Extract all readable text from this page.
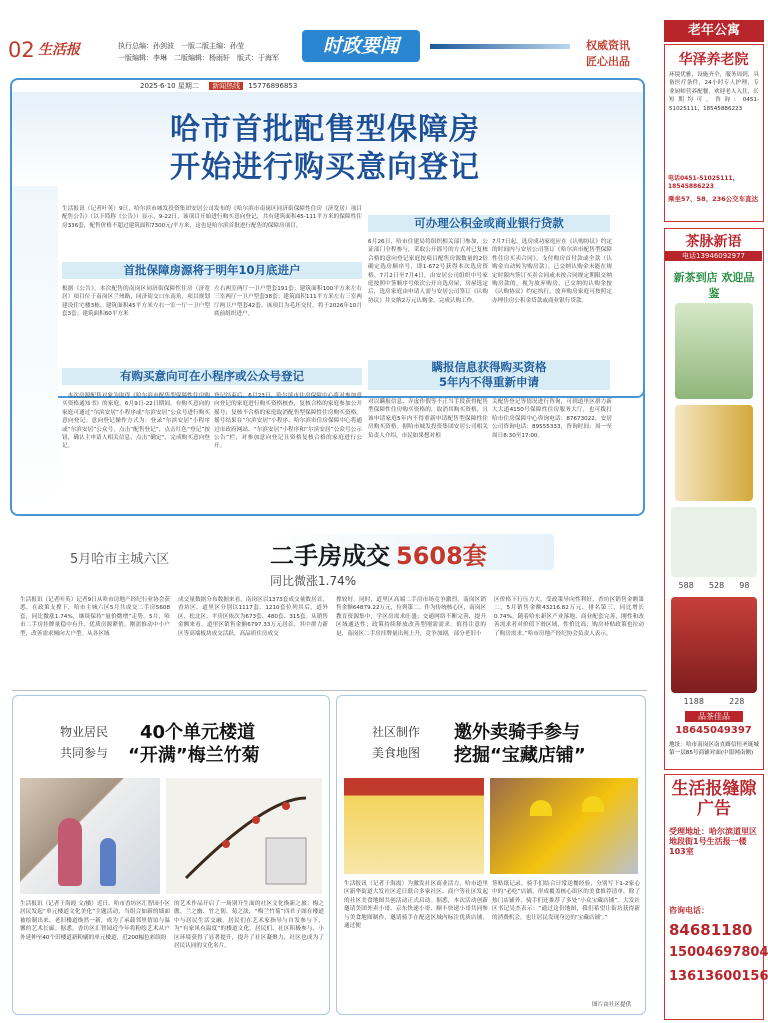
02 生活报	执行总编：孙剑波　一版二版主编：孙莹
一版编辑：李琳　二版编辑：杨雨轩　版式：于海军
时政要闻	权威资讯
匠心出品
2025·6·10 星期二 新闻热线 15776896853
哈市首批配售型保障房
开始进行购买意向登记
生活报讯（记者叶英）9日，哈尔滨市城发投资集团安居公司发布的《哈尔滨市南岗区同济街保障性住房（济宽居）项目配售公告》（以下简称《公告》）显示，9-22日，该项目开始进行购买意向登记，共有建筑面积45-111平方米的保障性住房336套，配售价格不超过建筑面积7300元/平方米，这也是哈尔滨首批进行配售的保障房项目。
首批保障房源将于明年10月底进户
根据《公告》，本次配售的南岗区同济街保障性住房（济宽居）项目位于南岗区兰州路，同济街交口东南角，项目规划建设住宅楼3栋，建筑面积45平方米左右一室一厅一卫户型套3套；建筑面积60平方米
左右两室两厅一卫户型套191套；建筑面积100平方米左右三室两厅一卫户型套38套；建筑面积111平方米左右三室两厅两卫户型套42套。该项目为毛坯交付，将于2026年10月底前组织进户。
有购买意向可在小程序或公众号登记
本次房源配售对象为取得《哈尔滨市配售型保障性住房购买资格通知书》的家庭。6月9日-22日期间，有购买意向的家庭可通过“尔滨安居”小程序或“尔滨安居”公众号进行购买意向登记。意向登记操作方式为：登录“尔滨安居”小程序或“尔滨安居”公众号，点击“配售登记”，点击红色“登记”按钮，确认主申请人相关信息，点击“确定”，完成购买意向登记。
登记结束后，6月23日，哈尔滨市住房保障中心将对参加意向登记的家庭进行购买资格核查，复核合格的家庭参加公开摇号；复核不合格的家庭取消配售型保障性住房购买资格。摇号结果在“尔滨安居”小程序、哈尔滨市住房保障中心将通过市政府网站、“尔滨安居”小程序和“尔滨安居”公众号公示公告”栏，对参加意向登记且资格复核合格的家庭进行公开。
可办理公积金或商业银行贷款
6月26日，哈市住建局将组织相关部门参加，公证部门全程参与，采取公开摇号的方式对已复核合格的意向登记家庭按项目配售房源数量的2倍确定选房顺序号，即1-672号获得本次选房资格。7月2日至7月4日，由安居公司组织中号家庭按照中签顺序号依次公开自选房屋，房屋选定后，选房家庭由申请人需与安居公司签订《认购协议》并交纳2万元认购金，完成认购工作。
7月7日起，选房成功家庭应在《认购协议》约定的时间内与安居公司签订《哈尔滨市配售型保障性住房买卖合同》，支付购房首付款或全款（认购金自动转为购房款）。已交纳认购金未能在规定时限内签订买卖合同或未按合同规定期限交纳购房款的，视为放弃购房，已交纳的认购金按《认购协议》约定执行。放弃购房家庭可按照定办理住房公积金贷款或商业银行贷款。
瞒报信息获得购买资格
5年内不得重新申请
对以瞒报信息、弄虚作假等不正当手段获得配售型保障性住房购买资格的，取消其购买资格，且该申请家庭5年内不得重新申请配售型保障性住房购买资格。据哈市城发投资集团安居公司相关负责人介绍，市民如果想对相
关配售登记等情况进行咨询，可到道里区群力新大大道4150号保障性住房服务大厅，也可拨打哈市住房保障中心咨询电话：87673022，安居公司咨询电话：89555333，咨询时间：周一至周日8:30至17:00。
5月哈市主城六区	二手房成交 5608套
同比微涨1.74%
生活报讯（记者叶英）记者9日从哈市房地产经纪行业协会获悉，在政策支撑下，哈市主城六区5月共成交二手房5608套，同比微涨1.74%，继续保持“量价微增”走势。5月，哈市二手房挂牌量稳中有升，优质房源紧俏，刚需推动中小户型，改善需求倾向大户型。从各区域
成交量数据分布数据来看，南岗区以1373套成交量数居首，香坊区、道里区分别以1117套、1210套位列其后，道外区、松北区、平房区依次为673套、480套、315套。从销售金额来看，道里区销售金额6797.33万元居首，其中群力新区等高端板块成交活跃，高品质住房成交
撑较好。同时，道里区高端二手房市场竞争激烈，南岗区销售金额64879.22万元，位列第二。作为传统核心区，南岗区教育资源集中，学区房需求旺盛；交通网络不断完善，提升区域通达性；政策持续释放改善型刚需需求。值得注意的是，南岗区二手房挂牌量出现上升，竞争加剧，部分老旧小
区价格下行压力大。受政策导向性利好，香坊区销售金额第二，5月销售金额43216.82万元，排名第三，同比增长0.74%。随着哈东新区产业落地、商业配套完善，刚性和改善需求者对价值下滑区域，性价比高；购房补贴政策也拉动了购房需求。”哈市房地产经纪协会负责人表示。
物业居民
共同参与
40个单元楼道
“开满”梅兰竹菊
生活报讯（记者于海霞 文/摄）近日，哈市香坊区汇智园小区居民发起“单元楼道文化美化”主题活动，当组合如新的墙面被绘制出来，老旧楼道焕然一新，成为了承载邻里情谊与温馨的艺术长廊。据悉，香坊区汇智园近今年将粉绘艺术从户外延伸至40个旧楼道新粉刷的单元楼道，近200幅色彩缤纷
的艺术作品开启了一场别开生面的社区文化焕新之旅。梅之傲、兰之幽、竹之韧、菊之淡，“梅兰竹菊”四君子图在楼道中与居民生活交融，居民们在艺术家指导与自发参与下，为“有家风有温度”的楼道文化，居民们、社区积极参与，小区环境获得了显著提升，提升了社区凝聚力，社区也成为了居民认同的文化名片。
社区制作
美食地图
邀外卖骑手参与
挖掘“宝藏店铺”
生活报讯（记者于海霞）为激发社区商业活力，哈市道里区新华街道大发社区近日联合多家社区、商户等社区发起的社区美食地图共创活动正式启动。据悉，本次活动创新邀请美团外卖小哥、京东快递小哥、顺丰快递小哥共同参与美食地图制作，邀请骑手在配送区域内标注优质店铺，通过便
签贴纸记录。骑手们结合日常送餐经验，分别写下1-2家心中的“必吃”店铺，形成覆盖核心街区的美食推荐清单，除了热门店铺外，骑手们还推荐了多处“小众宝藏店铺”。大发社区书记吴杰表示：“通过这份地图，我们希望让街坊获得新的消费机会，也让居民发现身边的‘宝藏店铺’。”
图片由社区提供
老年公寓
华泽养老院
环境优雅，设施齐全，服务周到，具备医疗条件，24小时专人护理，专业厨师营养配餐，欢迎老人入住，长短期均可。咨询：0451-51025111，18545886223
电话0451-51025111，18545886223
乘坐57、58、236公交车直达
茶脉新语
电话13946092977
新茶到店 欢迎品鉴
588 528 98
1188	228
品茶佳品
18645049397
地址：哈市南岗区南直路信恒圣诞城第一层85号商铺对面(中银网南侧)
生活报缝隙广告
受理地址：哈尔滨道里区地段街1号生活报一楼103室
咨询电话：
84681180
15004697804
13613600156
